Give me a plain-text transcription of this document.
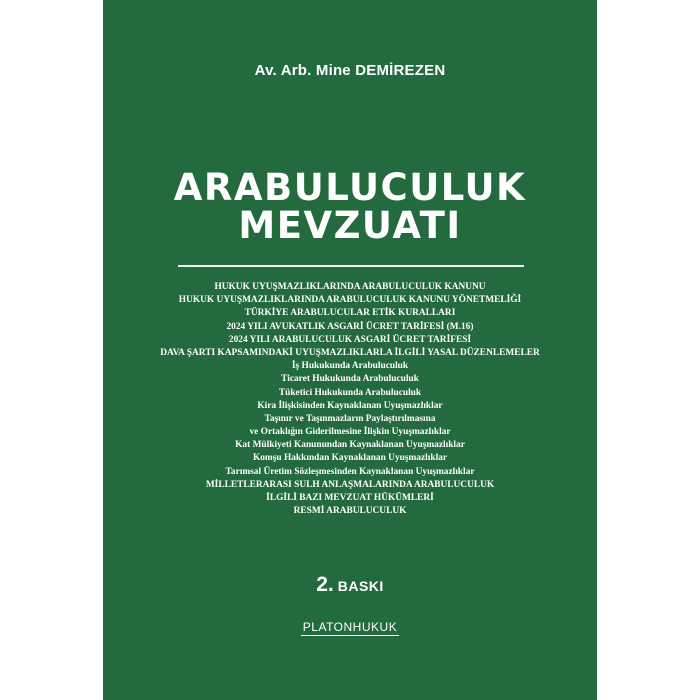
Av. Arb. Mine DEMİREZEN
ARABULUCULUK
MEVZUATI
HUKUK UYUŞMAZLIKLARINDA ARABULUCULUK KANUNU
HUKUK UYUŞMAZLIKLARINDA ARABULUCULUK KANUNU YÖNETMELİĞİ
TÜRKİYE ARABULUCULAR ETİK KURALLARI
2024 YILI AVUKATLIK ASGARİ ÜCRET TARİFESİ (M.16)
2024 YILI ARABULUCULUK ASGARİ ÜCRET TARİFESİ
DAVA ŞARTI KAPSAMINDAKİ UYUŞMAZLIKLARLA İLGİLİ YASAL DÜZENLEMELER
İş Hukukunda Arabuluculuk
Ticaret Hukukunda Arabuluculuk
Tüketici Hukukunda Arabuluculuk
Kira İlişkisinden Kaynaklanan Uyuşmazlıklar
Taşınır ve Taşınmazların Paylaştırılmasına
ve Ortaklığın Giderilmesine İlişkin Uyuşmazlıklar
Kat Mülkiyeti Kanunundan Kaynaklanan Uyuşmazlıklar
Komşu Hakkından Kaynaklanan Uyuşmazlıklar
Tarımsal Üretim Sözleşmesinden Kaynaklanan Uyuşmazlıklar
MİLLETLERARASI SULH ANLAŞMALARINDA ARABULUCULUK
İLGİLİ BAZI MEVZUAT HÜKÜMLERİ
RESMİ ARABULUCULUK
2. BASKI
PLATONHUKUK
